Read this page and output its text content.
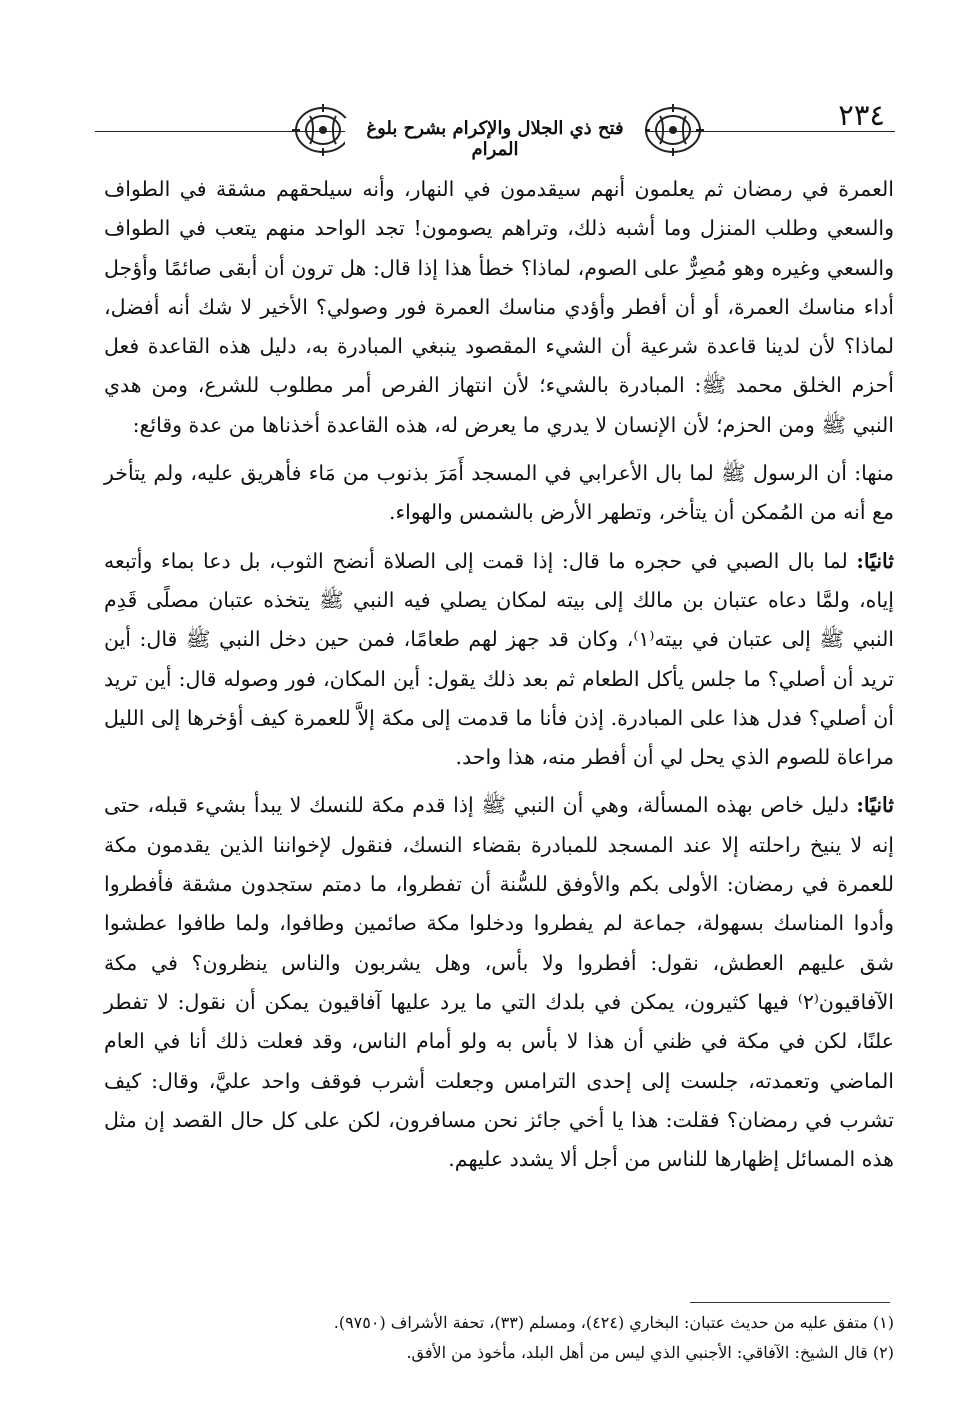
فتح ذي الجلال والإكرام بشرح بلوغ المرام
٢٣٤

العمرة في رمضان ثم يعلمون أنهم سيقدمون في النهار، وأنه سيلحقهم مشقة في الطواف والسعي وطلب المنزل وما أشبه ذلك، وتراهم يصومون! تجد الواحد منهم يتعب في الطواف والسعي وغيره وهو مُصِرٌّ على الصوم، لماذا؟ خطأ هذا إذا قال: هل ترون أن أبقى صائمًا وأؤجل أداء مناسك العمرة، أو أن أفطر وأؤدي مناسك العمرة فور وصولي؟ الأخير لا شك أنه أفضل، لماذا؟ لأن لدينا قاعدة شرعية أن الشيء المقصود ينبغي المبادرة به، دليل هذه القاعدة فعل أحزم الخلق محمد ﷺ: المبادرة بالشيء؛ لأن انتهاز الفرص أمر مطلوب للشرع، ومن هدي النبي ﷺ ومن الحزم؛ لأن الإنسان لا يدري ما يعرض له، هذه القاعدة أخذناها من عدة وقائع:

منها: أن الرسول ﷺ لما بال الأعرابي في المسجد أَمَرَ بذنوب من مَاء فأهريق عليه، ولم يتأخر مع أنه من المُمكن أن يتأخر، وتطهر الأرض بالشمس والهواء.

ثانيًا: لما بال الصبي في حجره ما قال: إذا قمت إلى الصلاة أنضح الثوب، بل دعا بماء وأتبعه إياه، ولمَّا دعاه عتبان بن مالك إلى بيته لمكان يصلي فيه النبي ﷺ يتخذه عتبان مصلًى قَدِم النبي ﷺ إلى عتبان في بيته⁽١⁾، وكان قد جهز لهم طعامًا، فمن حين دخل النبي ﷺ قال: أين تريد أن أصلي؟ ما جلس يأكل الطعام ثم بعد ذلك يقول: أين المكان، فور وصوله قال: أين تريد أن أصلي؟ فدل هذا على المبادرة. إذن فأنا ما قدمت إلى مكة إلاَّ للعمرة كيف أؤخرها إلى الليل مراعاة للصوم الذي يحل لي أن أفطر منه، هذا واحد.

ثانيًا: دليل خاص بهذه المسألة، وهي أن النبي ﷺ إذا قدم مكة للنسك لا يبدأ بشيء قبله، حتى إنه لا ينيخ راحلته إلا عند المسجد للمبادرة بقضاء النسك، فنقول لإخواننا الذين يقدمون مكة للعمرة في رمضان: الأولى بكم والأوفق للسُّنة أن تفطروا، ما دمتم ستجدون مشقة فأفطروا وأدوا المناسك بسهولة، جماعة لم يفطروا ودخلوا مكة صائمين وطافوا، ولما طافوا عطشوا شق عليهم العطش، نقول: أفطروا ولا بأس، وهل يشربون والناس ينظرون؟ في مكة الآفاقيون⁽٢⁾ فيها كثيرون، يمكن في بلدك التي ما يرد عليها آفاقيون يمكن أن نقول: لا تفطر علنًا، لكن في مكة في ظني أن هذا لا بأس به ولو أمام الناس، وقد فعلت ذلك أنا في العام الماضي وتعمدته، جلست إلى إحدى الترامس وجعلت أشرب فوقف واحد عليَّ، وقال: كيف تشرب في رمضان؟ فقلت: هذا يا أخي جائز نحن مسافرون، لكن على كل حال القصد إن مثل هذه المسائل إظهارها للناس من أجل ألا يشدد عليهم.

(١) متفق عليه من حديث عتبان: البخاري (٤٢٤)، ومسلم (٣٣)، تحفة الأشراف (٩٧٥٠).
(٢) قال الشيخ: الآفاقي: الأجنبي الذي ليس من أهل البلد، مأخوذ من الأفق.
